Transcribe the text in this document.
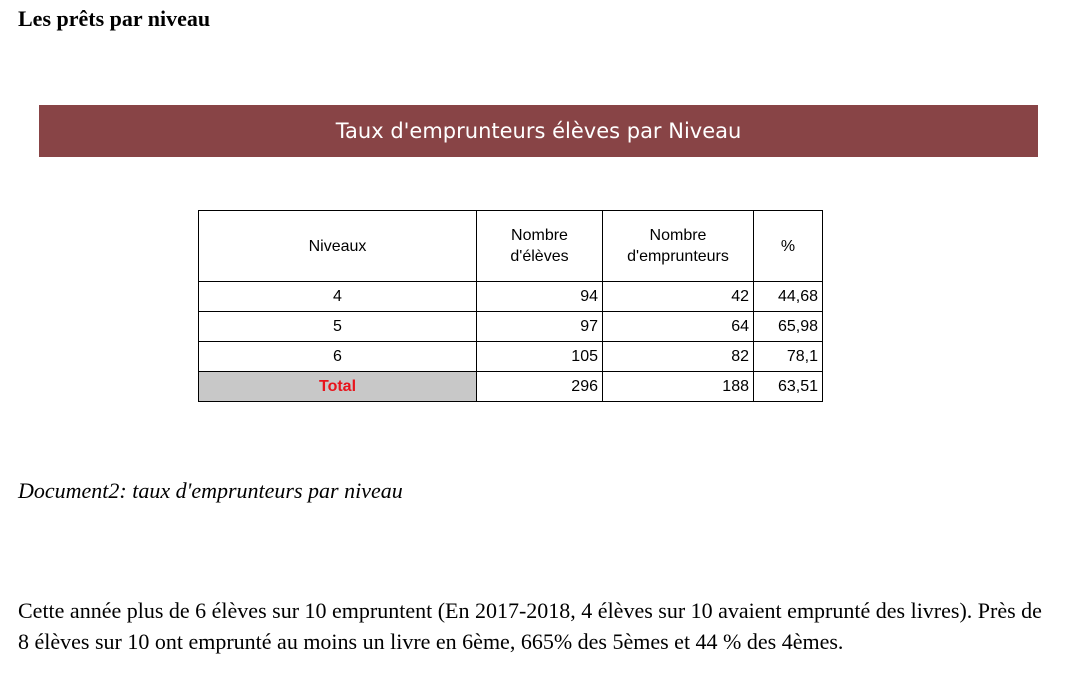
Les prêts par niveau
Taux d'emprunteurs élèves par Niveau
Niveaux	Nombre d'élèves	Nombre d'emprunteurs	%
4	94	42	44,68
5	97	64	65,98
6	105	82	78,1
Total	296	188	63,51
Document2: taux d'emprunteurs par niveau
Cette année plus de 6 élèves sur 10 empruntent (En 2017-2018, 4 élèves sur 10 avaient emprunté des livres). Près de 8 élèves sur 10 ont emprunté au moins un livre en 6ème, 665% des 5èmes et 44 % des 4èmes.
